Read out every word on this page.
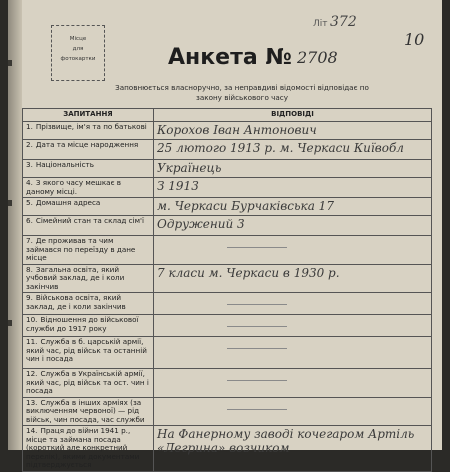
Літ 372
10
Місце
для
фотокартки	Анкета № 2708
Заповнюється власноручно, за неправдиві відомості відповідає по закону військового часу
ЗАПИТАННЯ	ВІДПОВІДІ
1. Прізвище, ім'я та по батькові	Корохов Іван Антонович
2. Дата та місце народження	25 лютого 1913 р. м. Черкаси Київобл
3. Національність	Українець
4. З якого часу мешкає в даному місці.	З 1913
5. Домашня адреса	м. Черкаси Бурчаківська 17
6. Сімейний стан та склад сім'ї	Одружений 3
7. Де проживав та чим займався по переїзду в дане місце	
8. Загальна освіта, який учбовий заклад, де і коли закінчив	7 класи м. Черкаси в 1930 р.
9. Військова освіта, який заклад, де і коли закінчив	
10. Відношення до військової служби до 1917 року	
11. Служба в б. царській армії, який час, рід військ та останній чин і посада	
12. Служба в Українській армії, який час, рід військ та ост. чин і посада	
13. Служба в інших арміях (за виключенням червоної) — рід військ, чин посада, час служби	
14. Праця до війни 1941 р., місце та займана посада (короткий але конкретний перелік), якими документами підтверджується	На Фанерному заводі кочегаром Артіль «Легрина» возчиком
